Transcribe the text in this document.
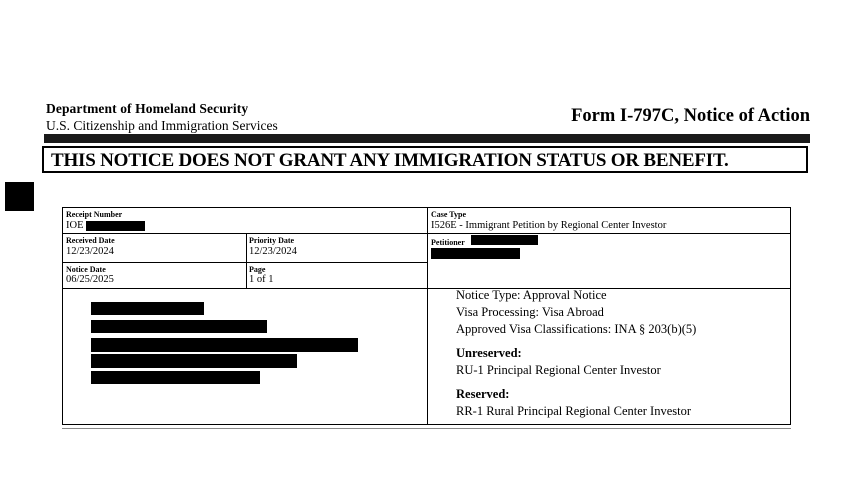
Department of Homeland Security
U.S. Citizenship and Immigration Services	Form I-797C, Notice of Action
THIS NOTICE DOES NOT GRANT ANY IMMIGRATION STATUS OR BENEFIT.
Receipt Number
IOE
Case Type
I526E - Immigrant Petition by Regional Center Investor
Received Date
12/23/2024
Priority Date
12/23/2024
Petitioner
Notice Date
06/25/2025
Page
1 of 1
Notice Type: Approval Notice
Visa Processing: Visa Abroad
Approved Visa Classifications: INA § 203(b)(5)
Unreserved:
RU-1 Principal Regional Center Investor
Reserved:
RR-1 Rural Principal Regional Center Investor
